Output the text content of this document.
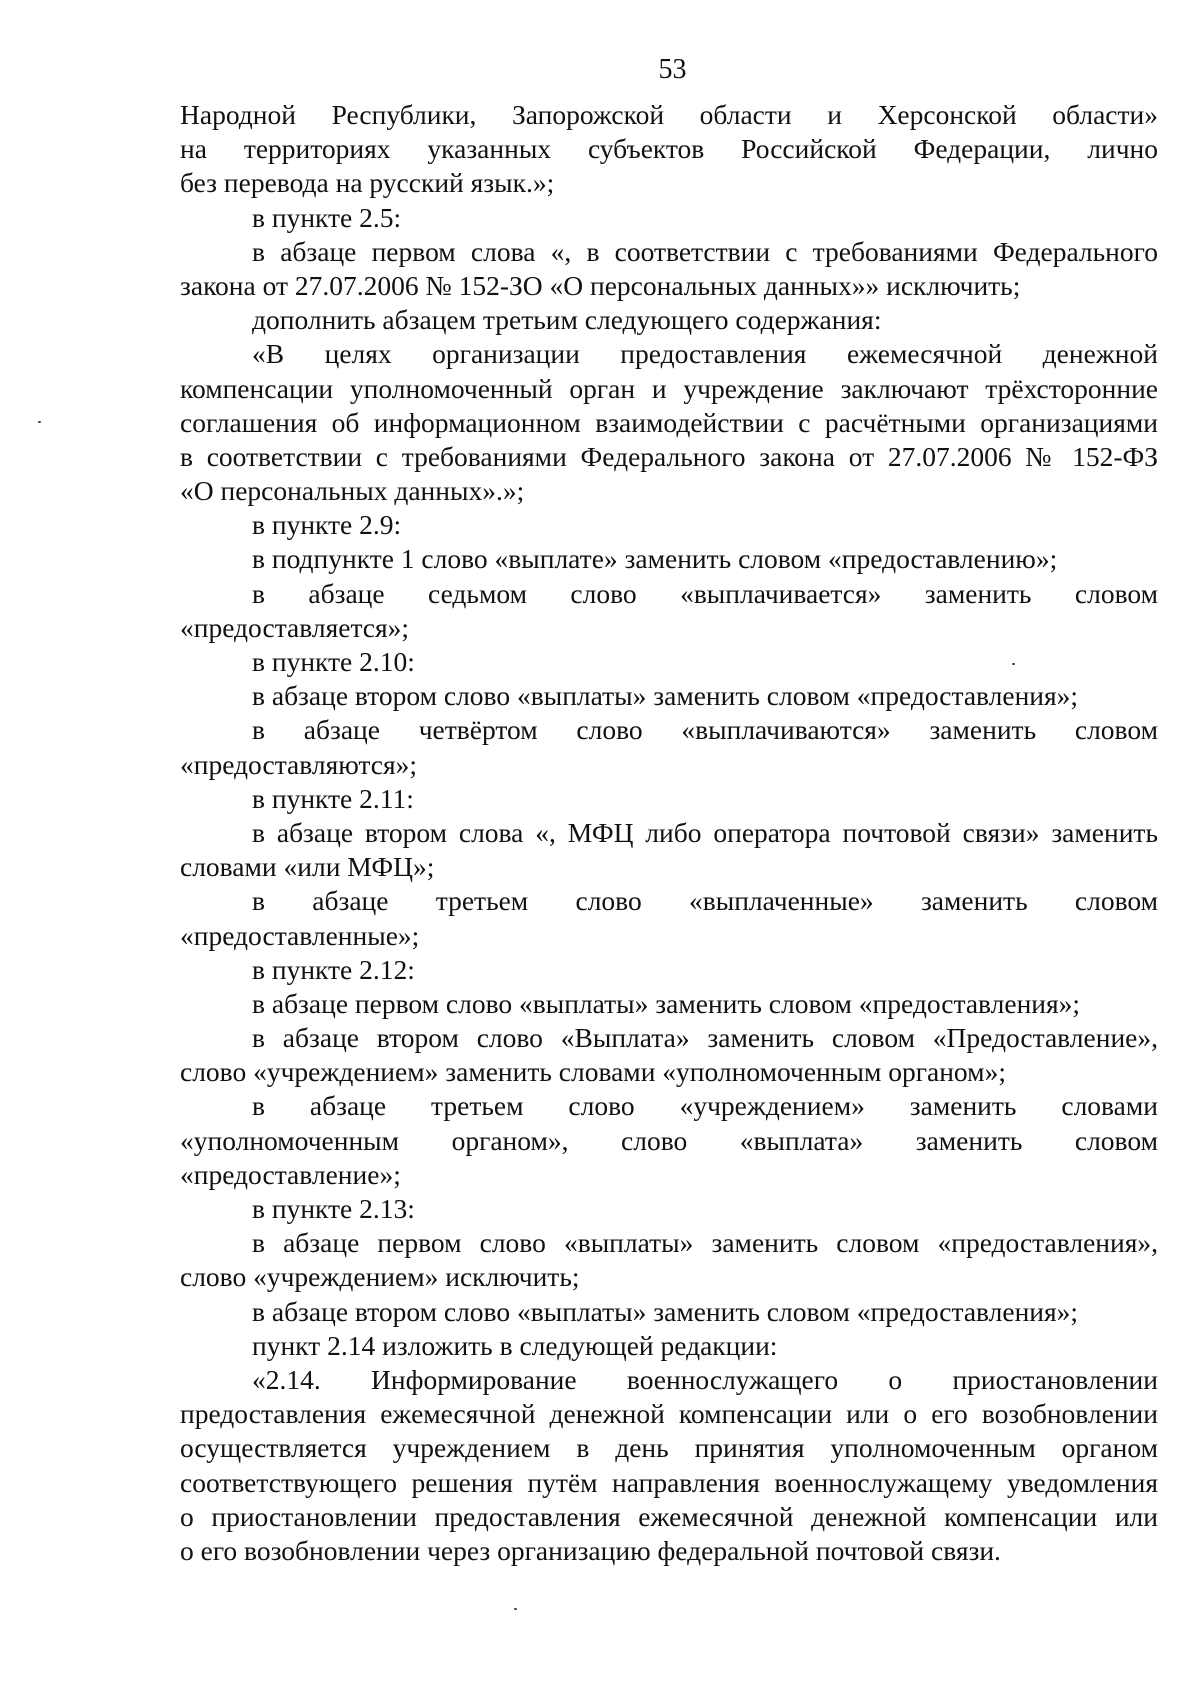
53
Народной Республики, Запорожской области и Херсонской области»
на территориях указанных субъектов Российской Федерации, лично
без перевода на русский язык.»;
в пункте 2.5:
в абзаце первом слова «, в соответствии с требованиями Федерального
закона от 27.07.2006 № 152-ЗО «О персональных данных»» исключить;
дополнить абзацем третьим следующего содержания:
«В целях организации предоставления ежемесячной денежной
компенсации уполномоченный орган и учреждение заключают трёхсторонние
соглашения об информационном взаимодействии с расчётными организациями
в соответствии с требованиями Федерального закона от 27.07.2006 № 152-ФЗ
«О персональных данных».»;
в пункте 2.9:
в подпункте 1 слово «выплате» заменить словом «предоставлению»;
в абзаце седьмом слово «выплачивается» заменить словом
«предоставляется»;
в пункте 2.10:
в абзаце втором слово «выплаты» заменить словом «предоставления»;
в абзаце четвёртом слово «выплачиваются» заменить словом
«предоставляются»;
в пункте 2.11:
в абзаце втором слова «, МФЦ либо оператора почтовой связи» заменить
словами «или МФЦ»;
в абзаце третьем слово «выплаченные» заменить словом
«предоставленные»;
в пункте 2.12:
в абзаце первом слово «выплаты» заменить словом «предоставления»;
в абзаце втором слово «Выплата» заменить словом «Предоставление»,
слово «учреждением» заменить словами «уполномоченным органом»;
в абзаце третьем слово «учреждением» заменить словами
«уполномоченным органом», слово «выплата» заменить словом
«предоставление»;
в пункте 2.13:
в абзаце первом слово «выплаты» заменить словом «предоставления»,
слово «учреждением» исключить;
в абзаце втором слово «выплаты» заменить словом «предоставления»;
пункт 2.14 изложить в следующей редакции:
«2.14. Информирование военнослужащего о приостановлении
предоставления ежемесячной денежной компенсации или о его возобновлении
осуществляется учреждением в день принятия уполномоченным органом
соответствующего решения путём направления военнослужащему уведомления
о приостановлении предоставления ежемесячной денежной компенсации или
о его возобновлении через организацию федеральной почтовой связи.
